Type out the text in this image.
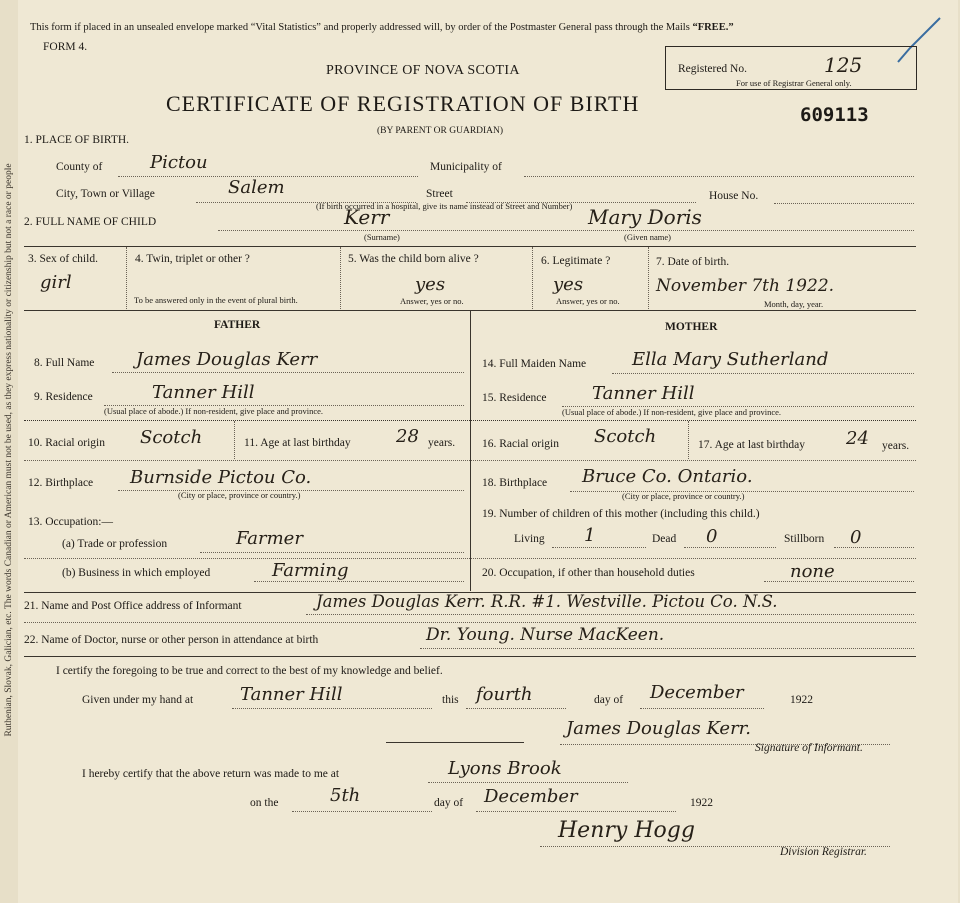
Ruthenian, Slovak, Galician, etc. The words Canadian or American must not be used, as they express nationality or citizenship but not a race or people
This form if placed in an unsealed envelope marked “Vital Statistics” and properly addressed will, by order of the Postmaster General pass through the Mails “FREE.”
FORM 4.
PROVINCE OF NOVA SCOTIA
CERTIFICATE OF REGISTRATION OF BIRTH
(BY PARENT OR GUARDIAN)
Registered No.	125
For use of Registrar General only.
609113
1. PLACE OF BIRTH.
County of	Pictou	Municipality of
City, Town or Village	Salem	Street	House No.
(If birth occurred in a hospital, give its name instead of Street and Number)
2. FULL NAME OF CHILD	Kerr
(Surname)
Mary Doris
(Given name)
3. Sex of child.
girl
4. Twin, triplet or other ?
To be answered only in the event of plural birth.
5. Was the child born alive ?
yes
Answer, yes or no.
6. Legitimate ?
yes
Answer, yes or no.
7. Date of birth.
November 7th 1922.
Month, day, year.
FATHER
8. Full Name James Douglas Kerr
9. Residence	Tanner Hill
(Usual place of abode.) If non-resident, give place and province.
10. Racial origin Scotch	11. Age at last birthday	28 years.
12. Birthplace Burnside Pictou Co.
(City or place, province or country.)
13. Occupation:—
(a) Trade or profession	Farmer
(b) Business in which employed	Farming
MOTHER
14. Full Maiden Name	Ella Mary Sutherland
15. Residence	Tanner Hill
(Usual place of abode.) If non-resident, give place and province.
16. Racial origin Scotch	17. Age at last birthday 24 years.
18. Birthplace Bruce Co. Ontario.
(City or place, province or country.)
19. Number of children of this mother (including this child.)
Living 1	Dead 0	Stillborn 0
20. Occupation, if other than household duties	none
21. Name and Post Office address of Informant	James Douglas Kerr. R.R. #1. Westville. Pictou Co. N.S.
22. Name of Doctor, nurse or other person in attendance at birth	Dr. Young. Nurse MacKeen.
I certify the foregoing to be true and correct to the best of my knowledge and belief.
Given under my hand at	Tanner Hill	this fourth	day of December	1922
James Douglas Kerr.
Signature of Informant.
I hereby certify that the above return was made to me at	Lyons Brook
on the	5th	day of December	1922
Henry Hogg
Division Registrar.
